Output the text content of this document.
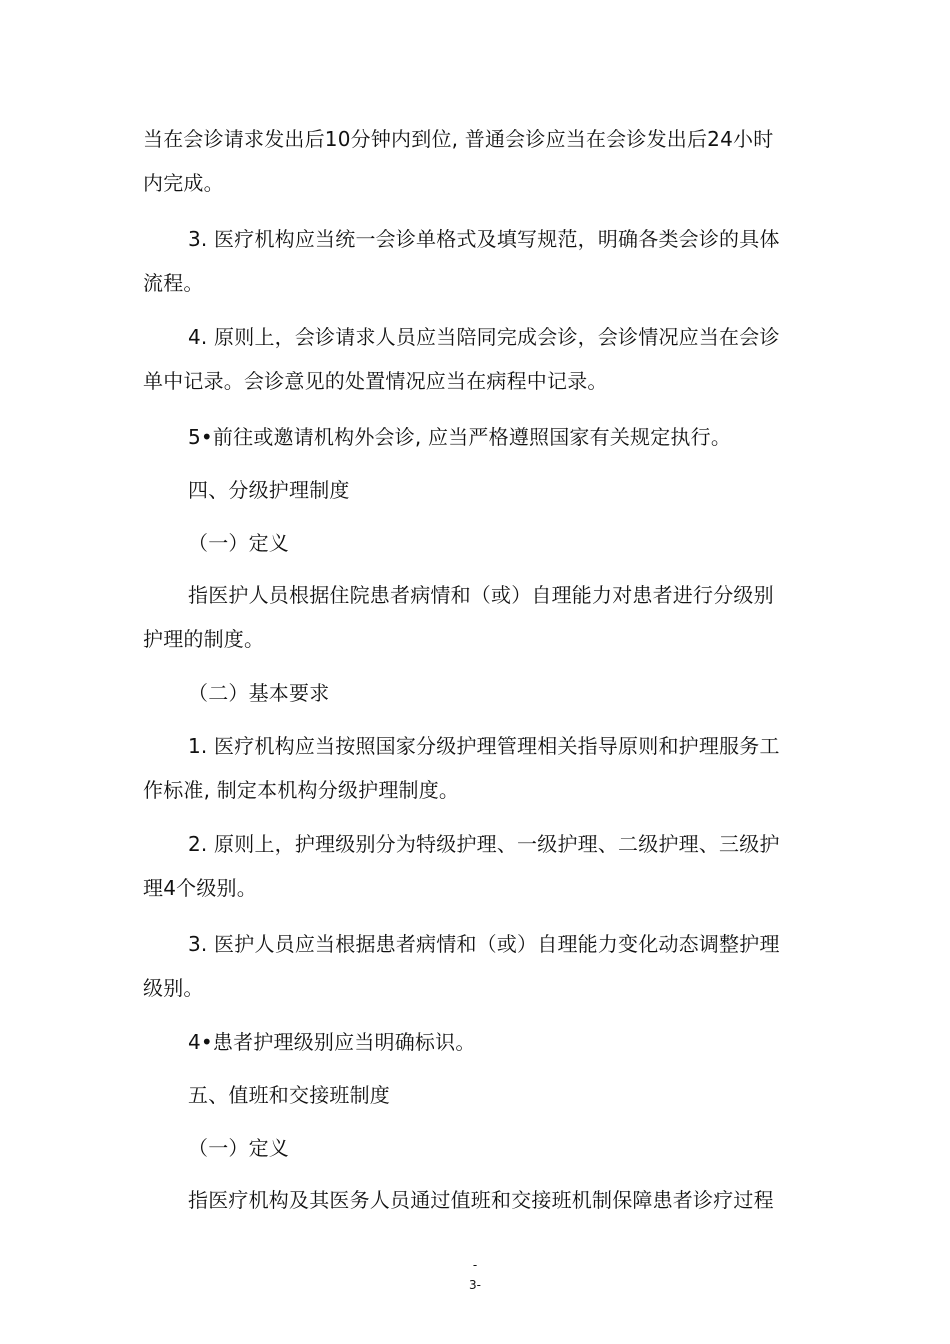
当在会诊请求发出后10分钟内到位, 普通会诊应当在会诊发出后24小时
内完成。
3. 医疗机构应当统一会诊单格式及填写规范，明确各类会诊的具体
流程。
4. 原则上，会诊请求人员应当陪同完成会诊，会诊情况应当在会诊
单中记录。会诊意见的处置情况应当在病程中记录。
5•前往或邀请机构外会诊, 应当严格遵照国家有关规定执行。
四、分级护理制度
（一）定义
指医护人员根据住院患者病情和（或）自理能力对患者进行分级别
护理的制度。
（二）基本要求
1. 医疗机构应当按照国家分级护理管理相关指导原则和护理服务工
作标准, 制定本机构分级护理制度。
2. 原则上，护理级别分为特级护理、一级护理、二级护理、三级护
理4个级别。
3. 医护人员应当根据患者病情和（或）自理能力变化动态调整护理
级别。
4•患者护理级别应当明确标识。
五、值班和交接班制度
（一）定义
指医疗机构及其医务人员通过值班和交接班机制保障患者诊疗过程
-
3-
